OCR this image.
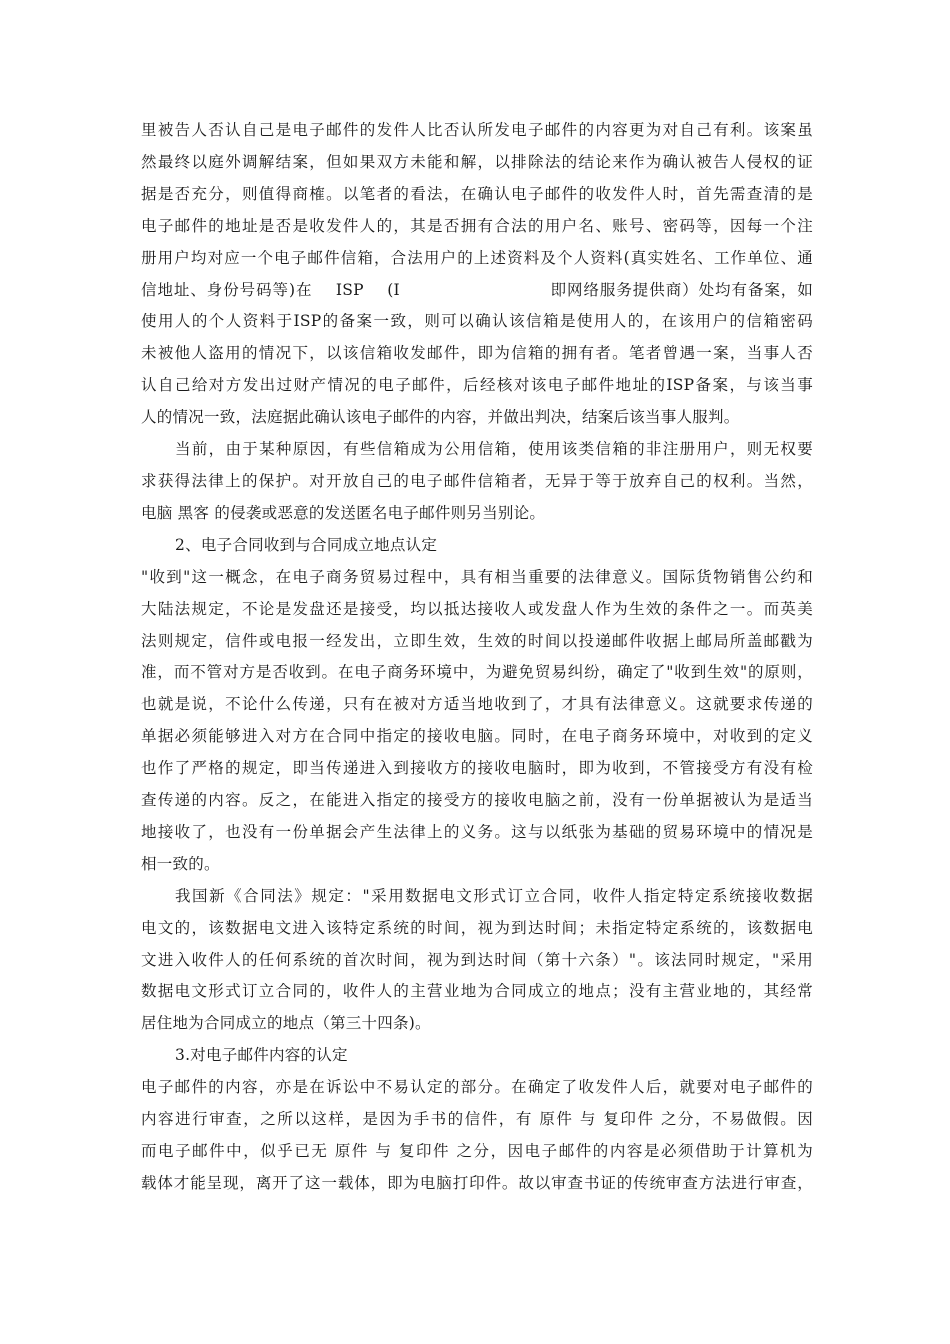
里被告人否认自己是电子邮件的发件人比否认所发电子邮件的内容更为对自己有利。该案虽

然最终以庭外调解结案，但如果双方未能和解，以排除法的结论来作为确认被告人侵权的证

据是否充分，则值得商榷。以笔者的看法，在确认电子邮件的收发件人时，首先需查清的是

电子邮件的地址是否是收发件人的，其是否拥有合法的用户名、账号、密码等，因每一个注

册用户均对应一个电子邮件信箱，合法用户的上述资料及个人资料(真实姓名、工作单位、通

信地址、身份号码等)在 ISP (I	即网络服务提供商）处均有备案，如

使用人的个人资料于ISP的备案一致，则可以确认该信箱是使用人的，在该用户的信箱密码

未被他人盗用的情况下，以该信箱收发邮件，即为信箱的拥有者。笔者曾遇一案，当事人否

认自己给对方发出过财产情况的电子邮件，后经核对该电子邮件地址的ISP备案，与该当事

人的情况一致，法庭据此确认该电子邮件的内容，并做出判决，结案后该当事人服判。

当前，由于某种原因，有些信箱成为公用信箱，使用该类信箱的非注册用户，则无权要

求获得法律上的保护。对开放自己的电子邮件信箱者，无异于等于放弃自己的权利。当然，

电脑 黑客 的侵袭或恶意的发送匿名电子邮件则另当别论。

2、电子合同收到与合同成立地点认定

"收到"这一概念，在电子商务贸易过程中，具有相当重要的法律意义。国际货物销售公约和

大陆法规定，不论是发盘还是接受，均以抵达接收人或发盘人作为生效的条件之一。而英美

法则规定，信件或电报一经发出，立即生效，生效的时间以投递邮件收据上邮局所盖邮戳为

准，而不管对方是否收到。在电子商务环境中，为避免贸易纠纷，确定了"收到生效"的原则，

也就是说，不论什么传递，只有在被对方适当地收到了，才具有法律意义。这就要求传递的

单据必须能够进入对方在合同中指定的接收电脑。同时，在电子商务环境中，对收到的定义

也作了严格的规定，即当传递进入到接收方的接收电脑时，即为收到，不管接受方有没有检

查传递的内容。反之，在能进入指定的接受方的接收电脑之前，没有一份单据被认为是适当

地接收了，也没有一份单据会产生法律上的义务。这与以纸张为基础的贸易环境中的情况是

相一致的。

我国新《合同法》规定："采用数据电文形式订立合同，收件人指定特定系统接收数据

电文的，该数据电文进入该特定系统的时间，视为到达时间；未指定特定系统的，该数据电

文进入收件人的任何系统的首次时间，视为到达时间（第十六条）"。该法同时规定，"采用

数据电文形式订立合同的，收件人的主营业地为合同成立的地点；没有主营业地的，其经常

居住地为合同成立的地点（第三十四条)。

3.对电子邮件内容的认定

电子邮件的内容，亦是在诉讼中不易认定的部分。在确定了收发件人后，就要对电子邮件的

内容进行审查，之所以这样，是因为手书的信件，有 原件 与 复印件 之分，不易做假。因

而电子邮件中，似乎已无 原件 与 复印件 之分，因电子邮件的内容是必须借助于计算机为

载体才能呈现，离开了这一载体，即为电脑打印件。故以审查书证的传统审查方法进行审查，
